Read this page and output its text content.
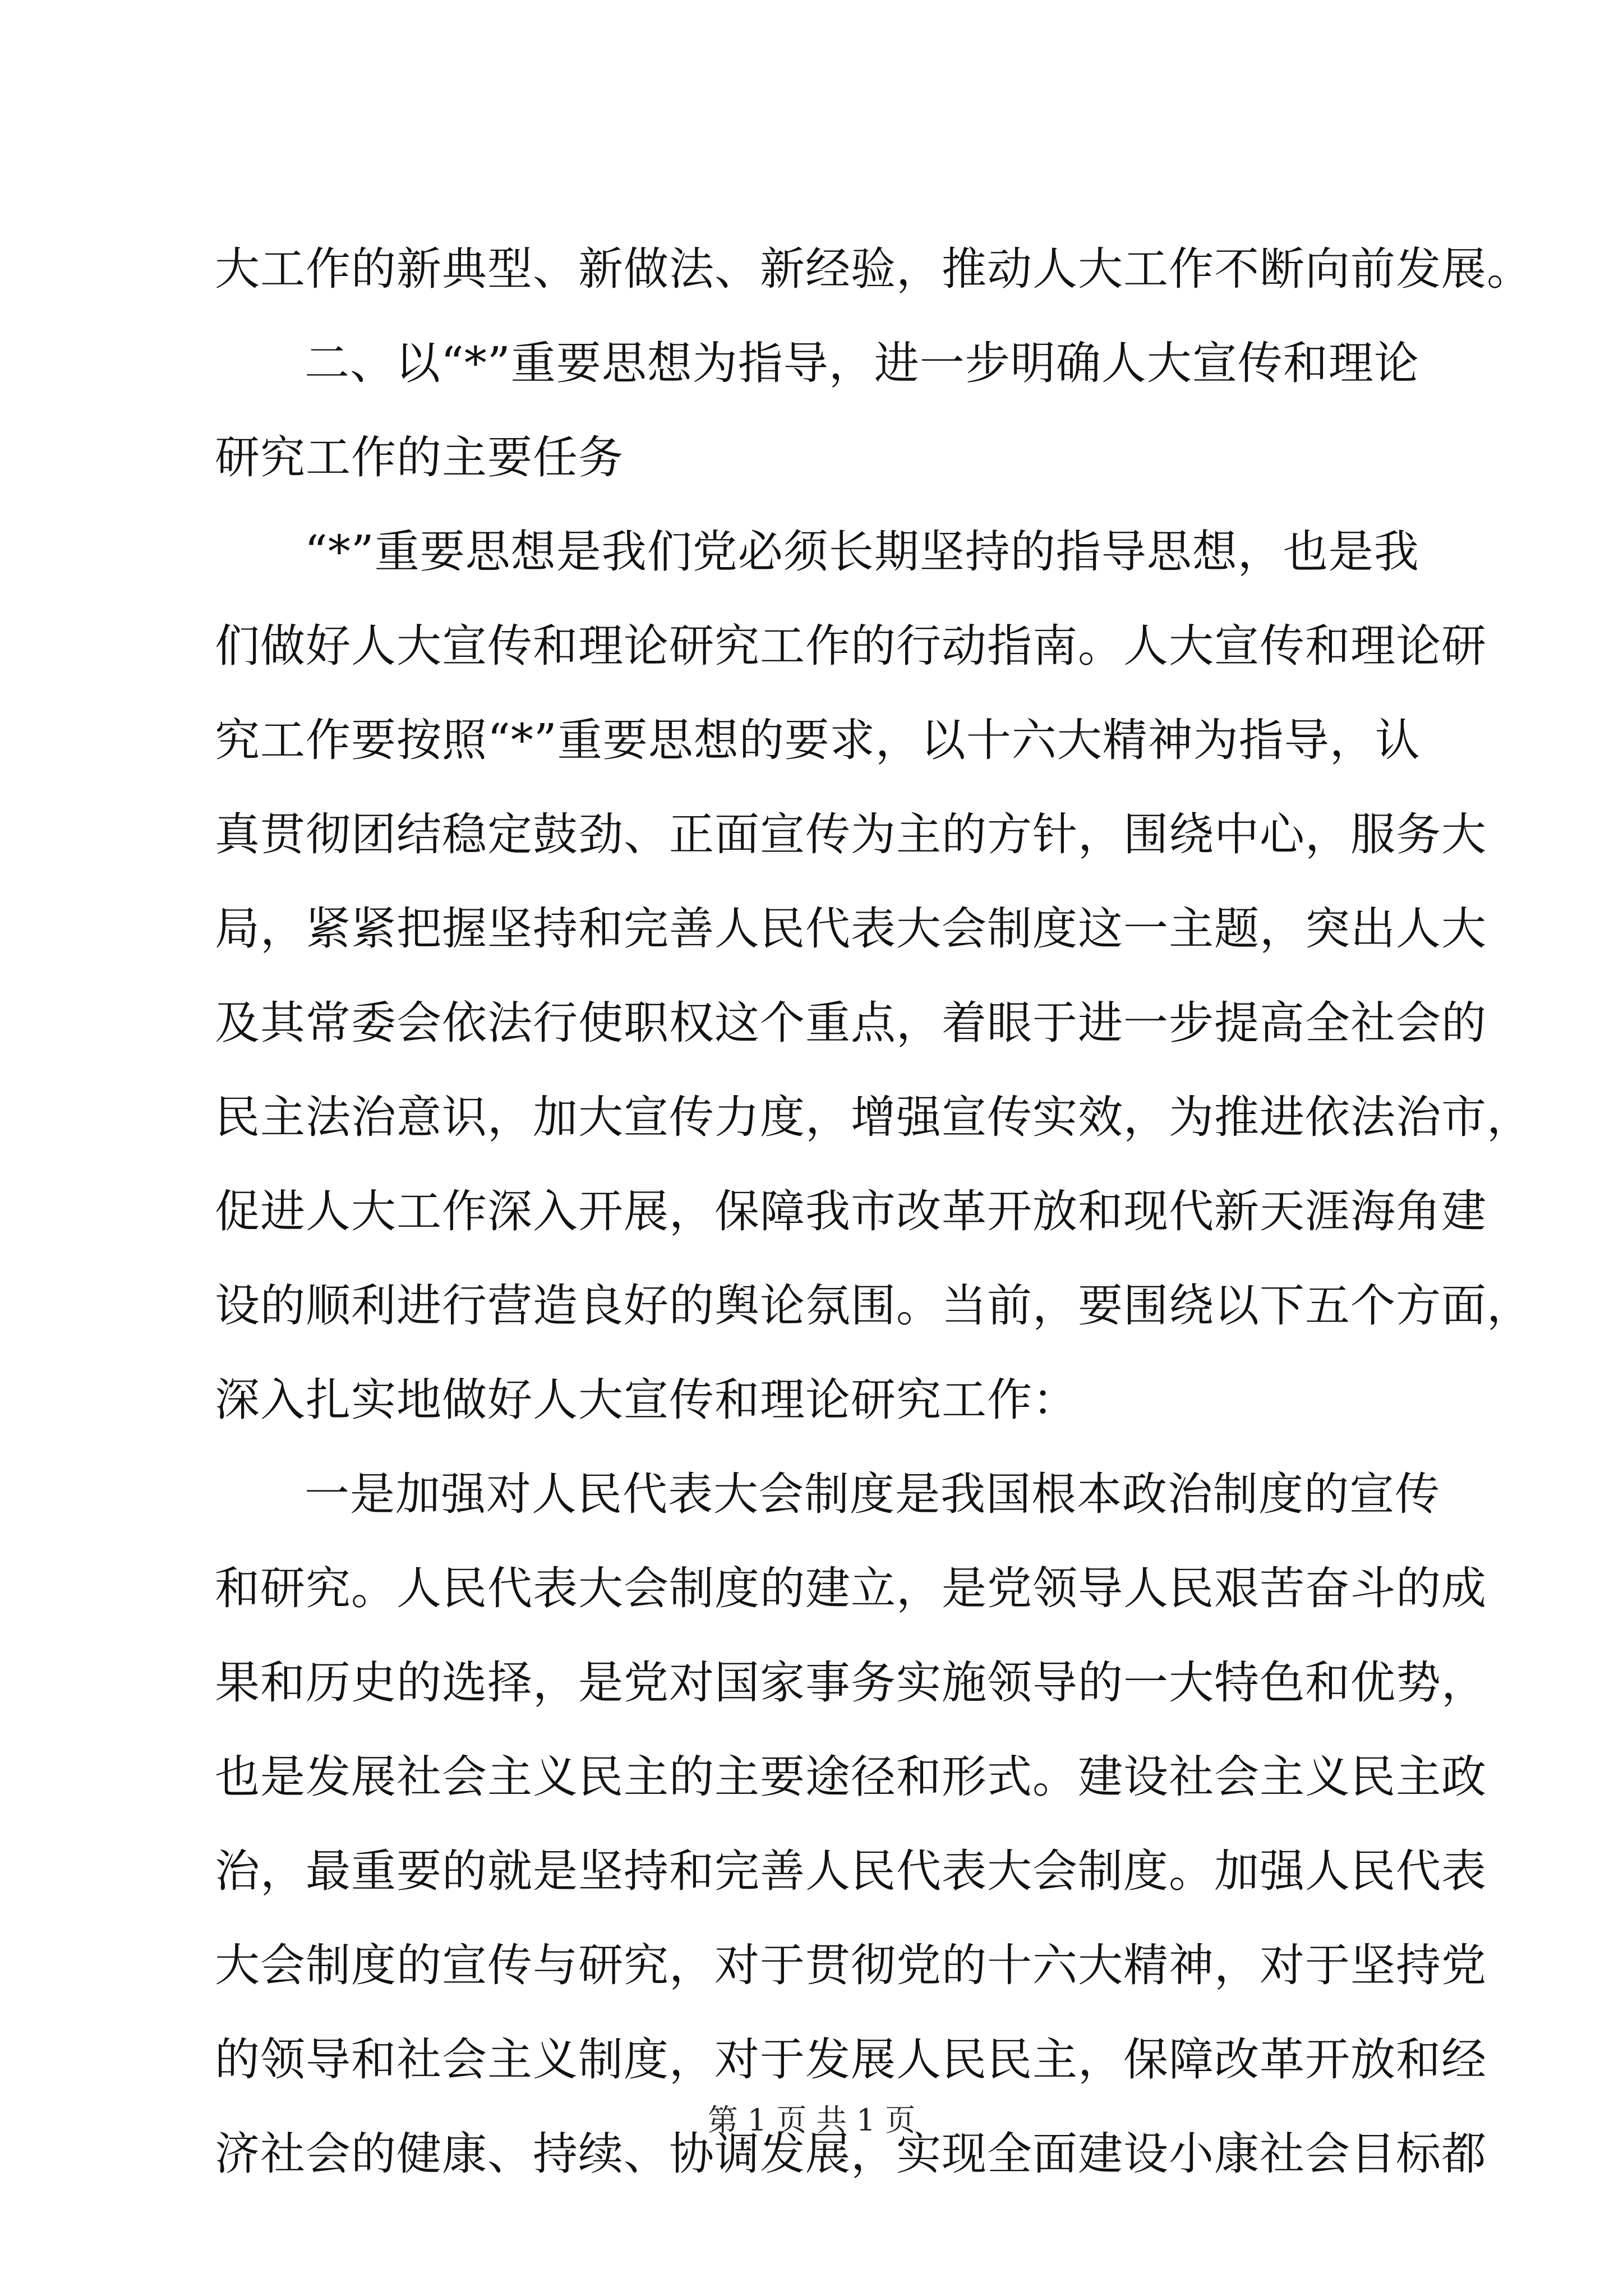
大工作的新典型、新做法、新经验，推动人大工作不断向前发展。
二、以“*”重要思想为指导，进一步明确人大宣传和理论
研究工作的主要任务
“*”重要思想是我们党必须长期坚持的指导思想，也是我
们做好人大宣传和理论研究工作的行动指南。人大宣传和理论研
究工作要按照“*”重要思想的要求，以十六大精神为指导，认
真贯彻团结稳定鼓劲、正面宣传为主的方针，围绕中心，服务大
局，紧紧把握坚持和完善人民代表大会制度这一主题，突出人大
及其常委会依法行使职权这个重点，着眼于进一步提高全社会的
民主法治意识，加大宣传力度，增强宣传实效，为推进依法治市，
促进人大工作深入开展，保障我市改革开放和现代新天涯海角建
设的顺利进行营造良好的舆论氛围。当前，要围绕以下五个方面，
深入扎实地做好人大宣传和理论研究工作：
一是加强对人民代表大会制度是我国根本政治制度的宣传
和研究。人民代表大会制度的建立，是党领导人民艰苦奋斗的成
果和历史的选择，是党对国家事务实施领导的一大特色和优势，
也是发展社会主义民主的主要途径和形式。建设社会主义民主政
治，最重要的就是坚持和完善人民代表大会制度。加强人民代表
大会制度的宣传与研究，对于贯彻党的十六大精神，对于坚持党
的领导和社会主义制度，对于发展人民民主，保障改革开放和经
济社会的健康、持续、协调发展，实现全面建设小康社会目标都
第 1 页 共 1 页
